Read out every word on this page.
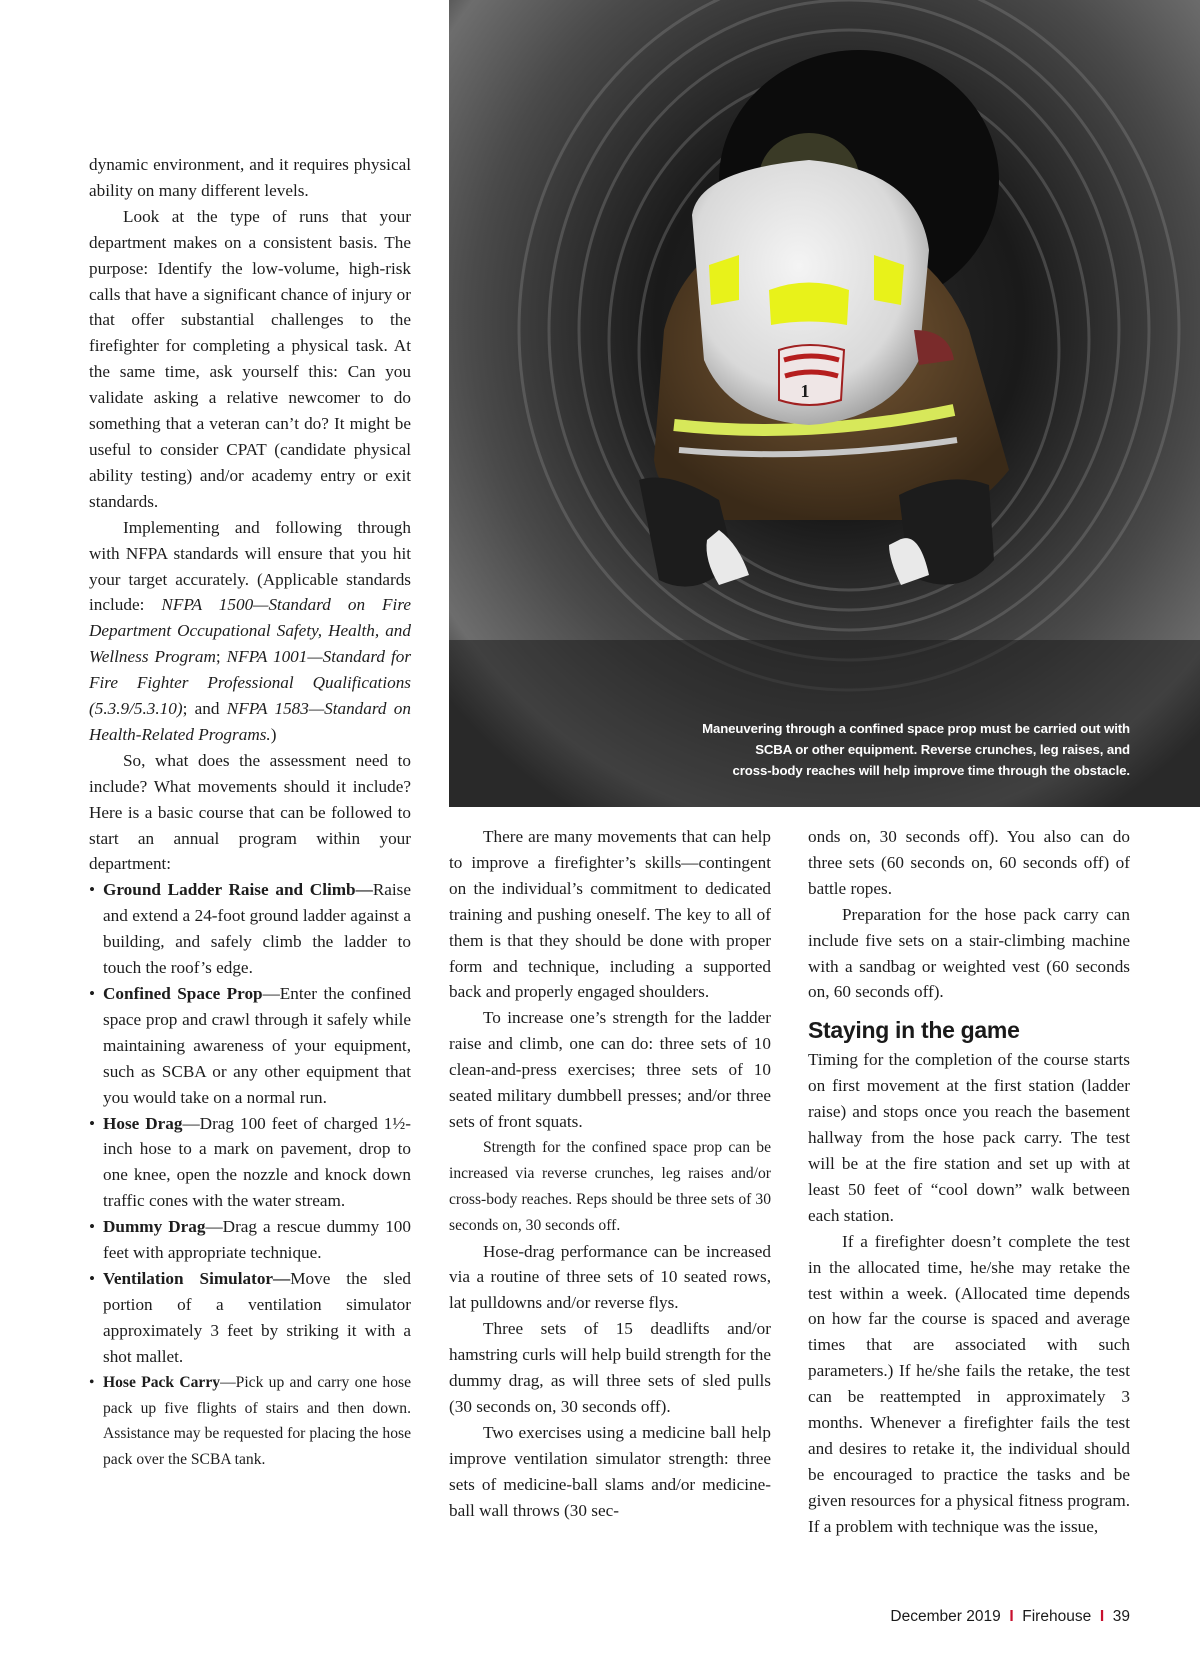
dynamic environment, and it requires physical ability on many different levels.

Look at the type of runs that your department makes on a consistent basis. The purpose: Identify the low-volume, high-risk calls that have a significant chance of injury or that offer substantial challenges to the firefighter for completing a physical task. At the same time, ask yourself this: Can you validate asking a relative newcomer to do something that a veteran can’t do? It might be useful to consider CPAT (candidate physical ability testing) and/or academy entry or exit standards.

Implementing and following through with NFPA standards will ensure that you hit your target accurately. (Applicable standards include: NFPA 1500—Standard on Fire Department Occupational Safety, Health, and Wellness Program; NFPA 1001—Standard for Fire Fighter Professional Qualifications (5.3.9/5.3.10); and NFPA 1583—Standard on Health-Related Programs.)

So, what does the assessment need to include? What movements should it include? Here is a basic course that can be followed to start an annual program within your department:

• Ground Ladder Raise and Climb—Raise and extend a 24-foot ground ladder against a building, and safely climb the ladder to touch the roof’s edge.
• Confined Space Prop—Enter the confined space prop and crawl through it safely while maintaining awareness of your equipment, such as SCBA or any other equipment that you would take on a normal run.
• Hose Drag—Drag 100 feet of charged 1½-inch hose to a mark on pavement, drop to one knee, open the nozzle and knock down traffic cones with the water stream.
• Dummy Drag—Drag a rescue dummy 100 feet with appropriate technique.
• Ventilation Simulator—Move the sled portion of a ventilation simulator approximately 3 feet by striking it with a shot mallet.
• Hose Pack Carry—Pick up and carry one hose pack up five flights of stairs and then down. Assistance may be requested for placing the hose pack over the SCBA tank.
1
Maneuvering through a confined space prop must be carried out with
SCBA or other equipment. Reverse crunches, leg raises, and
cross-body reaches will help improve time through the obstacle.

There are many movements that can help to improve a firefighter’s skills—contingent on the individual’s commitment to dedicated training and pushing oneself. The key to all of them is that they should be done with proper form and technique, including a supported back and properly engaged shoulders.

To increase one’s strength for the ladder raise and climb, one can do: three sets of 10 clean-and-press exercises; three sets of 10 seated military dumbbell presses; and/or three sets of front squats.

Strength for the confined space prop can be increased via reverse crunches, leg raises and/or cross-body reaches. Reps should be three sets of 30 seconds on, 30 seconds off.

Hose-drag performance can be increased via a routine of three sets of 10 seated rows, lat pulldowns and/or reverse flys.

Three sets of 15 deadlifts and/or hamstring curls will help build strength for the dummy drag, as will three sets of sled pulls (30 seconds on, 30 seconds off).

Two exercises using a medicine ball help improve ventilation simulator strength: three sets of medicine-ball slams and/or medicine-ball wall throws (30 sec-

onds on, 30 seconds off). You also can do three sets (60 seconds on, 60 seconds off) of battle ropes.

Preparation for the hose pack carry can include five sets on a stair-climbing machine with a sandbag or weighted vest (60 seconds on, 60 seconds off).

Staying in the game

Timing for the completion of the course starts on first movement at the first station (ladder raise) and stops once you reach the basement hallway from the hose pack carry. The test will be at the fire station and set up with at least 50 feet of “cool down” walk between each station.

If a firefighter doesn’t complete the test in the allocated time, he/she may retake the test within a week. (Allocated time depends on how far the course is spaced and average times that are associated with such parameters.) If he/she fails the retake, the test can be reattempted in approximately 3 months. Whenever a firefighter fails the test and desires to retake it, the individual should be encouraged to practice the tasks and be given resources for a physical fitness program. If a problem with technique was the issue,

December 2019  I  Firehouse  I  39
